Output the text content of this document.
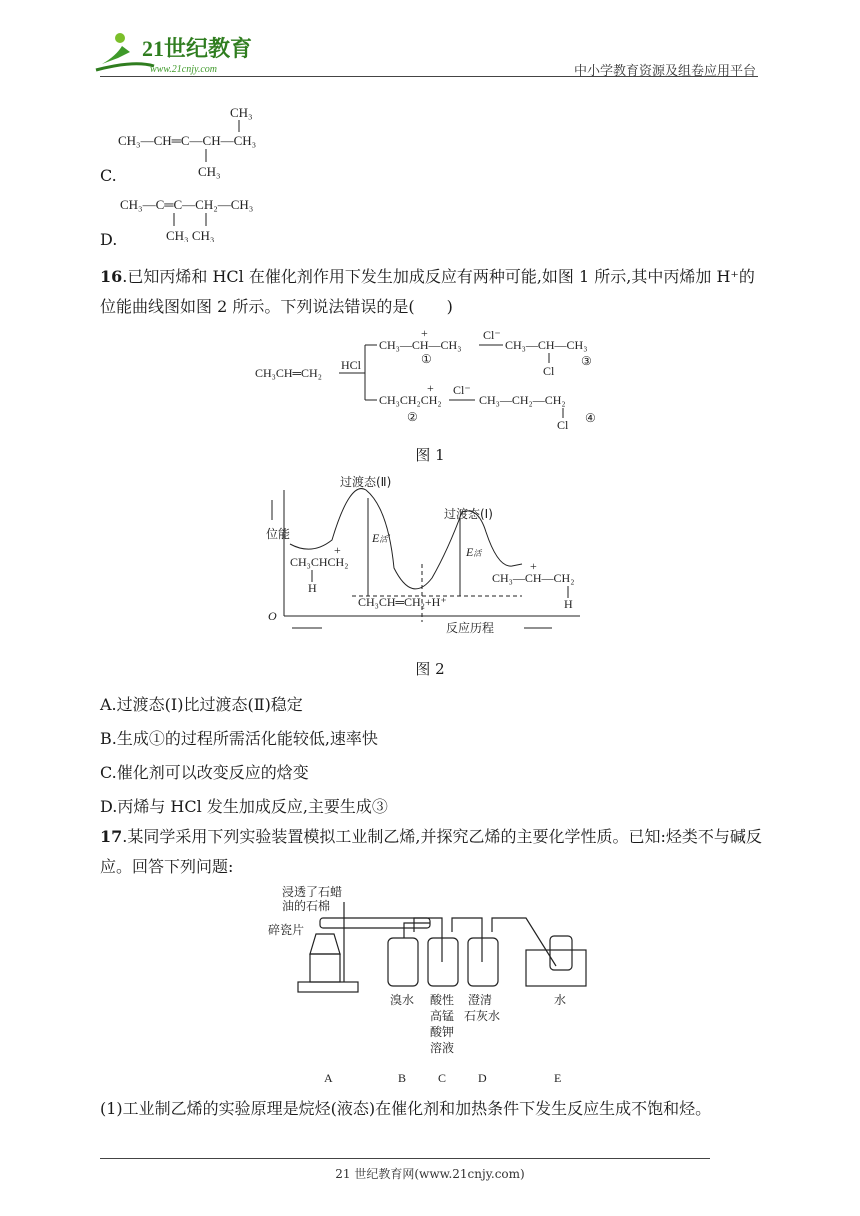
21世纪教育
www.21cnjy.com	中小学教育资源及组卷应用平台
CH₃—CH═C—CH—CH₃
CH₃
CH₃
C.
CH₃—C═C—CH₂—CH₃
CH₃ CH₃
D.
16.已知丙烯和 HCl 在催化剂作用下发生加成反应有两种可能,如图 1 所示,其中丙烯加 H⁺的位能曲线图如图 2 所示。下列说法错误的是(　　)
CH₃CH═CH₂
HCl
CH₃—CH—CH₃
+
①
Cl⁻
CH₃—CH—CH₃
Cl
③
CH₃CH₂CH₂
+
②
Cl⁻
CH₃—CH₂—CH₂
Cl ④
图 1
过渡态(Ⅱ)
过渡态(Ⅰ)
位能
O
反应历程
CH₃CH═CH₂+H⁺
CH₃CHCH₂
+
H
E活′
E活
CH₃—CH—CH₂
+
H
图 2
A.过渡态(Ⅰ)比过渡态(Ⅱ)稳定
B.生成①的过程所需活化能较低,速率快
C.催化剂可以改变反应的焓变
D.丙烯与 HCl 发生加成反应,主要生成③
17.某同学采用下列实验装置模拟工业制乙烯,并探究乙烯的主要化学性质。已知:烃类不与碱反应。回答下列问题:
浸透了石蜡
油的石棉
碎瓷片
溴水 酸性
高锰
酸钾
溶液
澄清
石灰水
水
A	B	C	D	E
(1)工业制乙烯的实验原理是烷烃(液态)在催化剂和加热条件下发生反应生成不饱和烃。
21 世纪教育网(www.21cnjy.com)
